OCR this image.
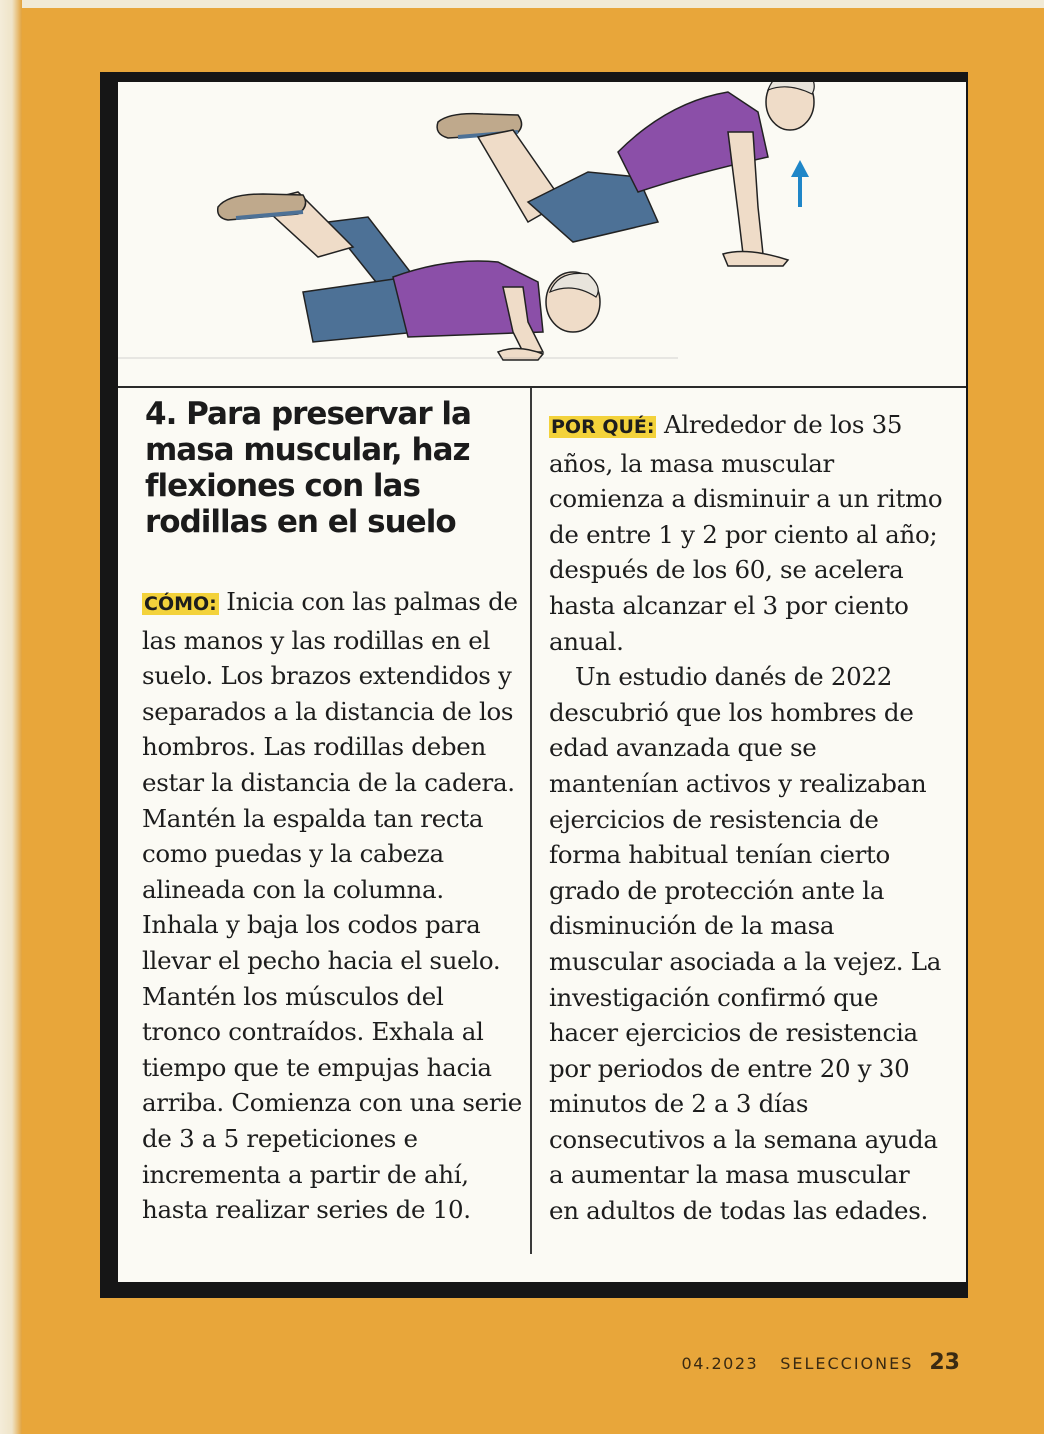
4. Para preservar la masa muscular, haz flexiones con las rodillas en el suelo

CÓMO: Inicia con las palmas de las manos y las rodillas en el suelo. Los brazos extendidos y separados a la distancia de los hombros. Las rodillas deben estar la distancia de la cadera. Mantén la espalda tan recta como puedas y la cabeza alineada con la columna. Inhala y baja los codos para llevar el pecho hacia el suelo. Mantén los músculos del tronco contraídos. Exhala al tiempo que te empujas hacia arriba. Comienza con una serie de 3 a 5 repeticiones e incrementa a partir de ahí, hasta realizar series de 10.

POR QUÉ: Alrededor de los 35 años, la masa muscular comienza a disminuir a un ritmo de entre 1 y 2 por ciento al año; después de los 60, se acelera hasta alcanzar el 3 por ciento anual.

Un estudio danés de 2022 descubrió que los hombres de edad avanzada que se mantenían activos y realizaban ejercicios de resistencia de forma habitual tenían cierto grado de protección ante la disminución de la masa muscular asociada a la vejez. La investigación confirmó que hacer ejercicios de resistencia por periodos de entre 20 y 30 minutos de 2 a 3 días consecutivos a la semana ayuda a aumentar la masa muscular en adultos de todas las edades.

04.2023 SELECCIONES 23
